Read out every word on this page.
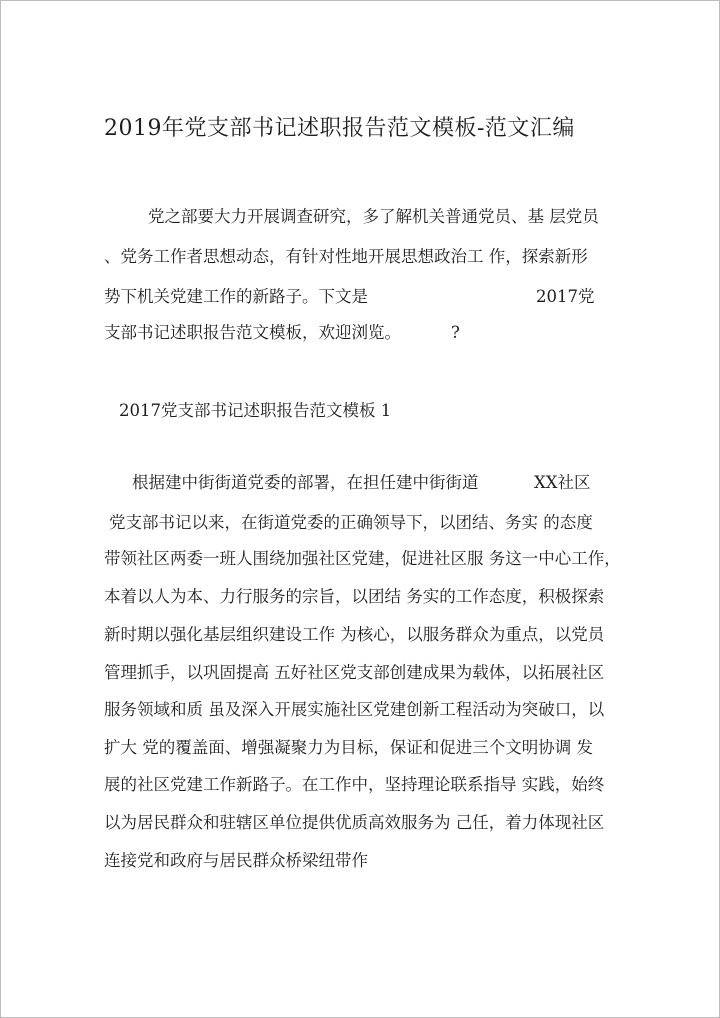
2019年党支部书记述职报告范文模板-范文汇编
党之部要大力开展调查研究，多了解机关普通党员、基 层党员
、党务工作者思想动态，有针对性地开展思想政治工 作，探索新形
势下机关党建工作的新路子。下文是	2017党
支部书记述职报告范文模板，欢迎浏览。	?
2017党支部书记述职报告范文模板 1
根据建中街街道党委的部署，在担任建中街街道	XX社区
党支部书记以来，在街道党委的正确领导下，以团结、务实 的态度
带领社区两委一班人围绕加强社区党建，促进社区服 务这一中心工作，
本着以人为本、力行服务的宗旨，以团结 务实的工作态度，积极探索
新时期以强化基层组织建设工作 为核心，以服务群众为重点，以党员
管理抓手，以巩固提高 五好社区党支部创建成果为载体，以拓展社区
服务领域和质 虽及深入开展实施社区党建创新工程活动为突破口，以
扩大 党的覆盖面、增强凝聚力为目标，保证和促进三个文明协调 发
展的社区党建工作新路子。在工作中，坚持理论联系指导 实践，始终
以为居民群众和驻辖区单位提供优质高效服务为 己任，着力体现社区
连接党和政府与居民群众桥梁纽带作
